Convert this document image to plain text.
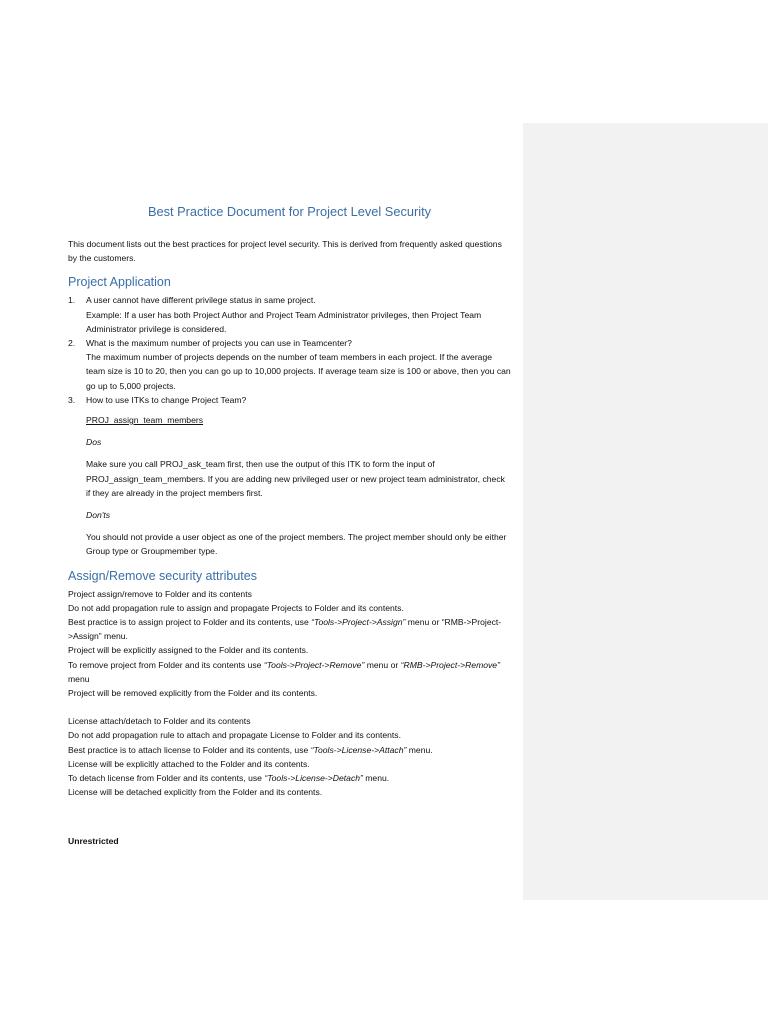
Best Practice Document for Project Level Security

This document lists out the best practices for project level security. This is derived from frequently asked questions by the customers.

Project Application
1. A user cannot have different privilege status in same project.
Example: If a user has both Project Author and Project Team Administrator privileges, then Project Team Administrator privilege is considered.
2. What is the maximum number of projects you can use in Teamcenter?
The maximum number of projects depends on the number of team members in each project. If the average team size is 10 to 20, then you can go up to 10,000 projects. If average team size is 100 or above, then you can go up to 5,000 projects.
3. How to use ITKs to change Project Team?
PROJ_assign_team_members
Dos
Make sure you call PROJ_ask_team first, then use the output of this ITK to form the input of PROJ_assign_team_members. If you are adding new privileged user or new project team administrator, check if they are already in the project members first.
Don'ts
You should not provide a user object as one of the project members. The project member should only be either Group type or Groupmember type.
Assign/Remove security attributes
Project assign/remove to Folder and its contents
Do not add propagation rule to assign and propagate Projects to Folder and its contents.
Best practice is to assign project to Folder and its contents, use “Tools->Project->Assign” menu or “RMB->Project->Assign” menu.
Project will be explicitly assigned to the Folder and its contents.
To remove project from Folder and its contents use “Tools->Project->Remove” menu or “RMB->Project->Remove” menu
Project will be removed explicitly from the Folder and its contents.
License attach/detach to Folder and its contents
Do not add propagation rule to attach and propagate License to Folder and its contents.
Best practice is to attach license to Folder and its contents, use “Tools->License->Attach” menu.
License will be explicitly attached to the Folder and its contents.
To detach license from Folder and its contents, use “Tools->License->Detach” menu.
License will be detached explicitly from the Folder and its contents.
Unrestricted
